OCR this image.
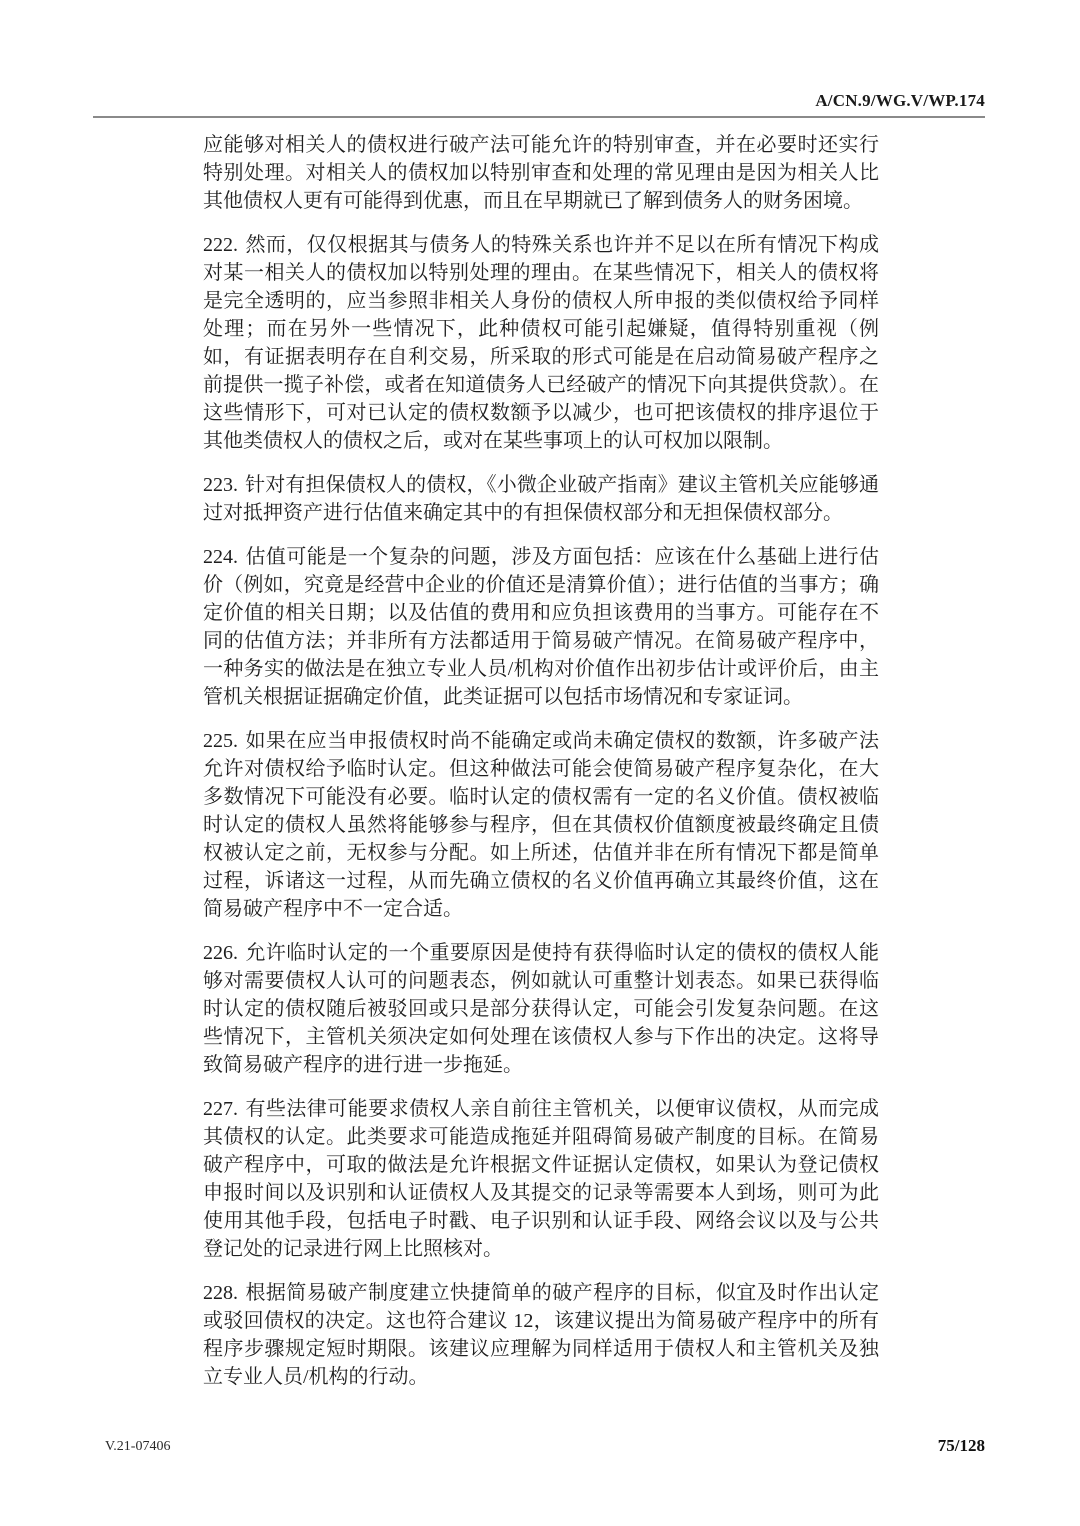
A/CN.9/WG.V/WP.174

应能够对相关人的债权进行破产法可能允许的特别审查，并在必要时还实行特别处理。对相关人的债权加以特别审查和处理的常见理由是因为相关人比其他债权人更有可能得到优惠，而且在早期就已了解到债务人的财务困境。

222. 然而，仅仅根据其与债务人的特殊关系也许并不足以在所有情况下构成对某一相关人的债权加以特别处理的理由。在某些情况下，相关人的债权将是完全透明的，应当参照非相关人身份的债权人所申报的类似债权给予同样处理；而在另外一些情况下，此种债权可能引起嫌疑，值得特别重视（例如，有证据表明存在自利交易，所采取的形式可能是在启动简易破产程序之前提供一揽子补偿，或者在知道债务人已经破产的情况下向其提供贷款）。在这些情形下，可对已认定的债权数额予以减少，也可把该债权的排序退位于其他类债权人的债权之后，或对在某些事项上的认可权加以限制。

223. 针对有担保债权人的债权，《小微企业破产指南》建议主管机关应能够通过对抵押资产进行估值来确定其中的有担保债权部分和无担保债权部分。

224. 估值可能是一个复杂的问题，涉及方面包括：应该在什么基础上进行估价（例如，究竟是经营中企业的价值还是清算价值）；进行估值的当事方；确定价值的相关日期；以及估值的费用和应负担该费用的当事方。可能存在不同的估值方法；并非所有方法都适用于简易破产情况。在简易破产程序中，一种务实的做法是在独立专业人员/机构对价值作出初步估计或评价后，由主管机关根据证据确定价值，此类证据可以包括市场情况和专家证词。

225. 如果在应当申报债权时尚不能确定或尚未确定债权的数额，许多破产法允许对债权给予临时认定。但这种做法可能会使简易破产程序复杂化，在大多数情况下可能没有必要。临时认定的债权需有一定的名义价值。债权被临时认定的债权人虽然将能够参与程序，但在其债权价值额度被最终确定且债权被认定之前，无权参与分配。如上所述，估值并非在所有情况下都是简单过程，诉诸这一过程，从而先确立债权的名义价值再确立其最终价值，这在简易破产程序中不一定合适。

226. 允许临时认定的一个重要原因是使持有获得临时认定的债权的债权人能够对需要债权人认可的问题表态，例如就认可重整计划表态。如果已获得临时认定的债权随后被驳回或只是部分获得认定，可能会引发复杂问题。在这些情况下，主管机关须决定如何处理在该债权人参与下作出的决定。这将导致简易破产程序的进行进一步拖延。

227. 有些法律可能要求债权人亲自前往主管机关，以便审议债权，从而完成其债权的认定。此类要求可能造成拖延并阻碍简易破产制度的目标。在简易破产程序中，可取的做法是允许根据文件证据认定债权，如果认为登记债权申报时间以及识别和认证债权人及其提交的记录等需要本人到场，则可为此使用其他手段，包括电子时戳、电子识别和认证手段、网络会议以及与公共登记处的记录进行网上比照核对。

228. 根据简易破产制度建立快捷简单的破产程序的目标，似宜及时作出认定或驳回债权的决定。这也符合建议 12，该建议提出为简易破产程序中的所有程序步骤规定短时期限。该建议应理解为同样适用于债权人和主管机关及独立专业人员/机构的行动。

V.21-07406	75/128
